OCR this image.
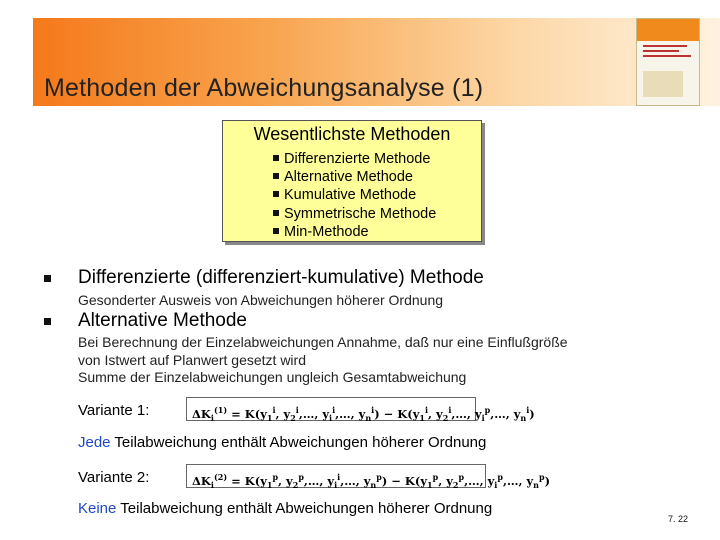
Methoden der Abweichungsanalyse (1)
Wesentlichste Methoden
Differenzierte Methode
Alternative Methode
Kumulative Methode
Symmetrische Methode
Min-Methode
Differenzierte (differenziert-kumulative) Methode
Gesonderter Ausweis von Abweichungen höherer Ordnung
Alternative Methode
Bei Berechnung der Einzelabweichungen Annahme, daß nur eine Einflußgröße
von Istwert auf Planwert gesetzt wird
Summe der Einzelabweichungen ungleich Gesamtabweichung
Variante 1:	$\Delta K_i^{(1)} = K(y_1^i$, $y_2^i,\dots$, $y_i^i,\dots$, $y_n^i) - K(y_1^i$, $y_2^i,\dots$, $y_i^p,\dots$, $y_n^i$)
Jede Teilabweichung enthält Abweichungen höherer Ordnung
Variante 2:	$\Delta K_i^{(2)} = K(y_1^p$, $y_2^p,\dots$, $y_i^i,\dots$, $y_n^p) - K(y_1^p$, $y_2^p,\dots$, $y_i^p,\dots$, $y_n^p$)
Keine Teilabweichung enthält Abweichungen höherer Ordnung
7. 22
